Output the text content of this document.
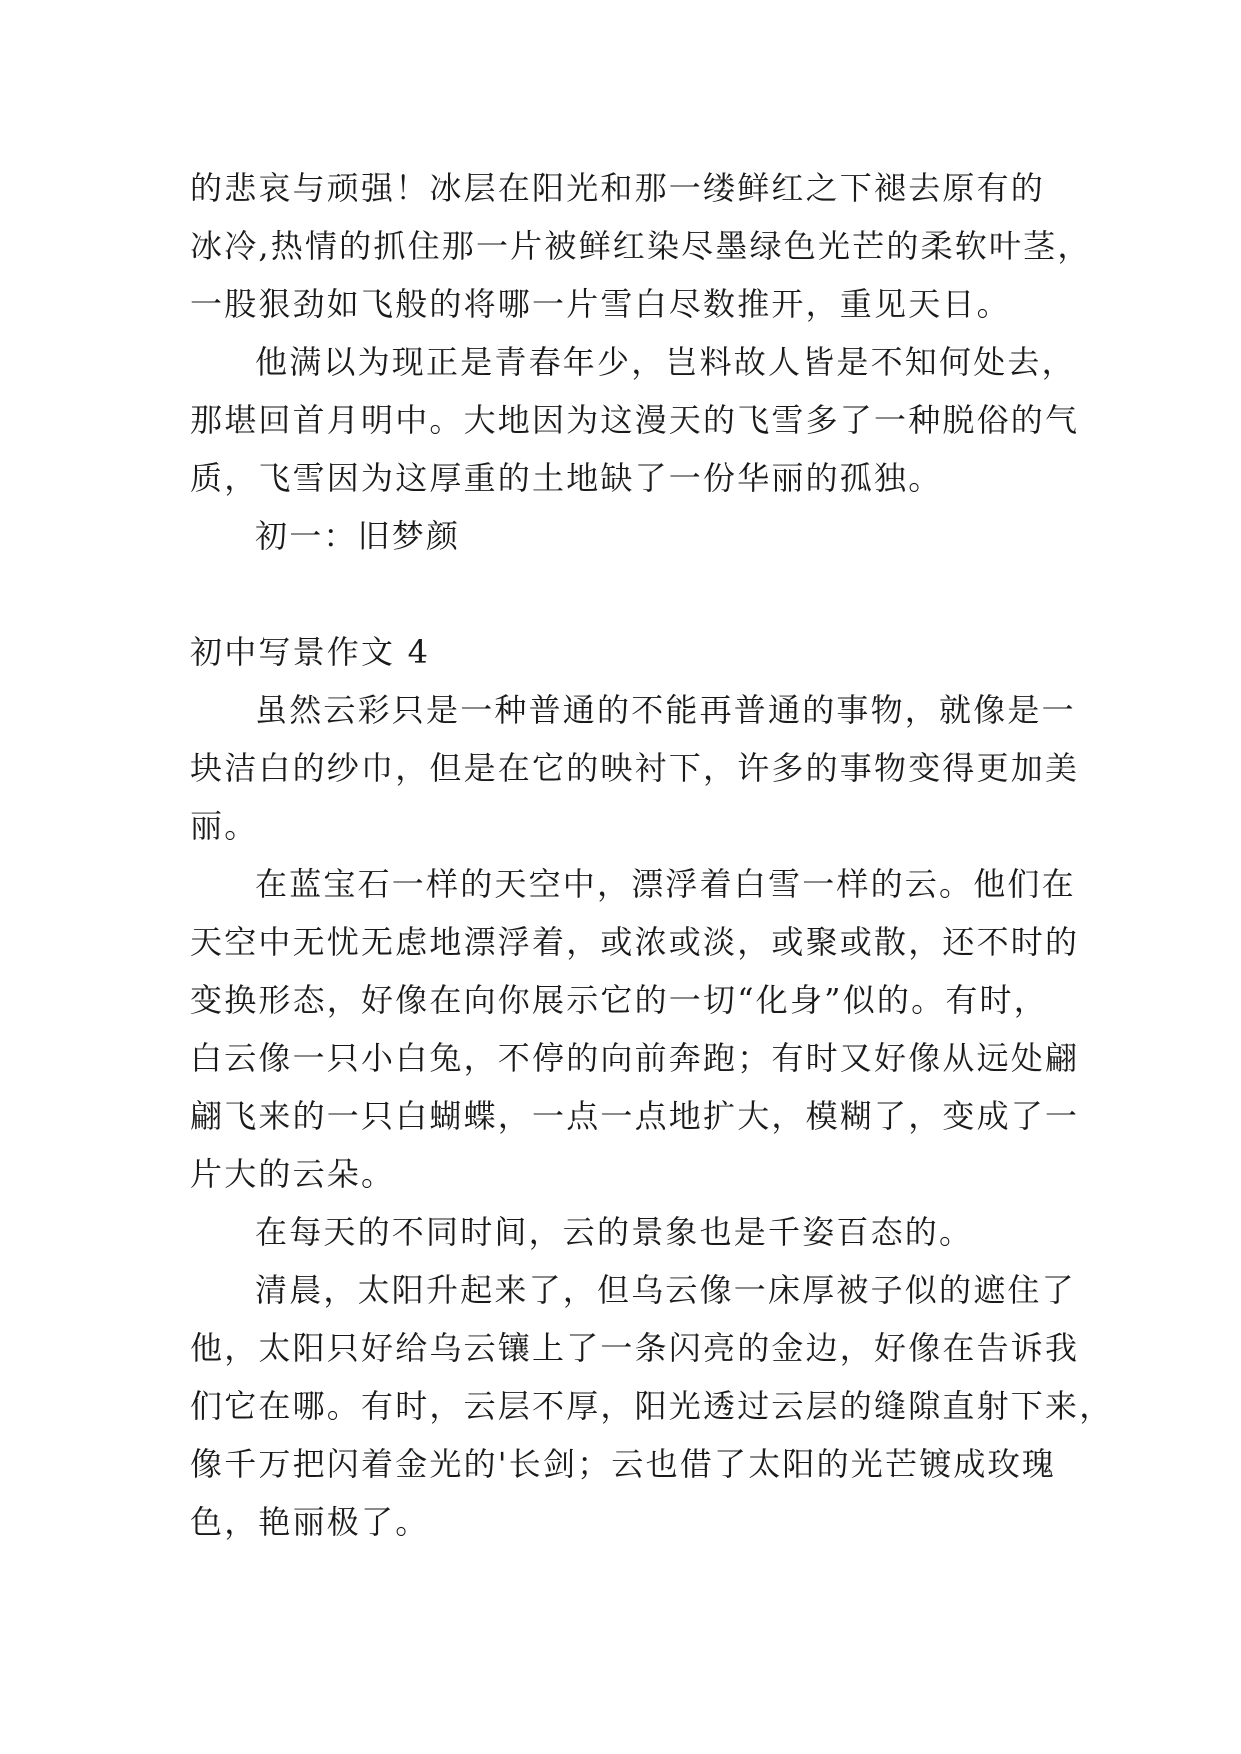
的悲哀与顽强！冰层在阳光和那一缕鲜红之下褪去原有的
冰冷,热情的抓住那一片被鲜红染尽墨绿色光芒的柔软叶茎，
一股狠劲如飞般的将哪一片雪白尽数推开，重见天日。
他满以为现正是青春年少，岂料故人皆是不知何处去，
那堪回首月明中。大地因为这漫天的飞雪多了一种脱俗的气
质，飞雪因为这厚重的土地缺了一份华丽的孤独。
初一：旧梦颜
初中写景作文 4
虽然云彩只是一种普通的不能再普通的事物，就像是一
块洁白的纱巾，但是在它的映衬下，许多的事物变得更加美
丽。
在蓝宝石一样的天空中，漂浮着白雪一样的云。他们在
天空中无忧无虑地漂浮着，或浓或淡，或聚或散，还不时的
变换形态，好像在向你展示它的一切“化身”似的。有时，
白云像一只小白兔，不停的向前奔跑；有时又好像从远处翩
翩飞来的一只白蝴蝶，一点一点地扩大，模糊了，变成了一
片大的云朵。
在每天的不同时间，云的景象也是千姿百态的。
清晨，太阳升起来了，但乌云像一床厚被子似的遮住了
他，太阳只好给乌云镶上了一条闪亮的金边，好像在告诉我
们它在哪。有时，云层不厚，阳光透过云层的缝隙直射下来，
像千万把闪着金光的'长剑；云也借了太阳的光芒镀成玫瑰
色，艳丽极了。
